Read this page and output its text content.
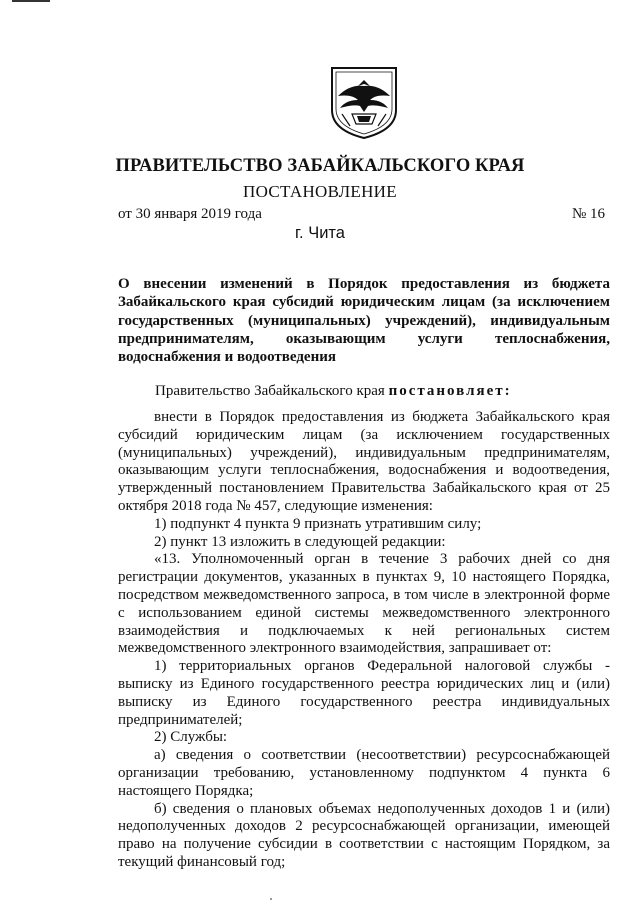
ПРАВИТЕЛЬСТВО ЗАБАЙКАЛЬСКОГО КРАЯ
ПОСТАНОВЛЕНИЕ
от 30 января 2019 года	№ 16
г. Чита
О внесении изменений в Порядок предоставления из бюджета Забайкальского края субсидий юридическим лицам (за исключением государственных (муниципальных) учреждений), индивидуальным предпринимателям, оказывающим услуги теплоснабжения, водоснабжения и водоотведения
Правительство Забайкальского края постановляет:

внести в Порядок предоставления из бюджета Забайкальского края субсидий юридическим лицам (за исключением государственных (муниципальных) учреждений), индивидуальным предпринимателям, оказывающим услуги теплоснабжения, водоснабжения и водоотведения, утвержденный постановлением Правительства Забайкальского края от 25 октября 2018 года № 457, следующие изменения:

1) подпункт 4 пункта 9 признать утратившим силу;

2) пункт 13 изложить в следующей редакции:

«13. Уполномоченный орган в течение 3 рабочих дней со дня регистрации документов, указанных в пунктах 9, 10 настоящего Порядка, посредством межведомственного запроса, в том числе в электронной форме с использованием единой системы межведомственного электронного взаимодействия и подключаемых к ней региональных систем межведомственного электронного взаимодействия, запрашивает от:

1) территориальных органов Федеральной налоговой службы - выписку из Единого государственного реестра юридических лиц и (или) выписку из Единого государственного реестра индивидуальных предпринимателей;

2) Службы:

а) сведения о соответствии (несоответствии) ресурсоснабжающей организации требованию, установленному подпунктом 4 пункта 6 настоящего Порядка;

б) сведения о плановых объемах недополученных доходов 1 и (или) недополученных доходов 2 ресурсоснабжающей организации, имеющей право на получение субсидии в соответствии с настоящим Порядком, за текущий финансовый год;
